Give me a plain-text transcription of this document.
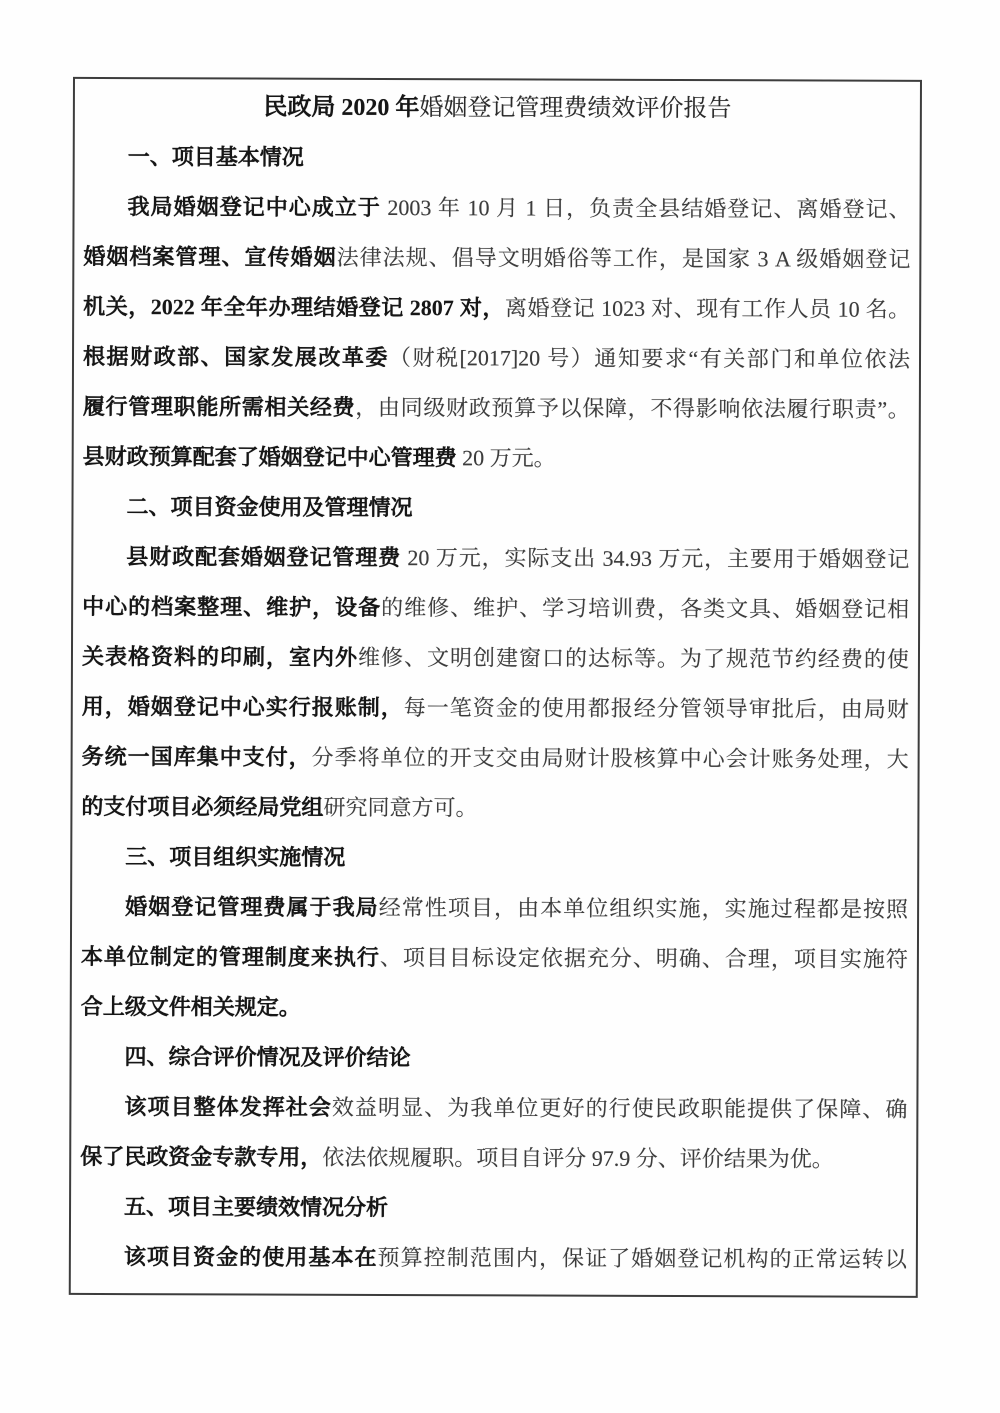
民政局 2020 年婚姻登记管理费绩效评价报告
一、项目基本情况
我局婚姻登记中心成立于 2003 年 10 月 1 日，负责全县结婚登记、离婚登记、
婚姻档案管理、宣传婚姻法律法规、倡导文明婚俗等工作，是国家 3 A 级婚姻登记
机关，2022 年全年办理结婚登记 2807 对，离婚登记 1023 对、现有工作人员 10 名。
根据财政部、国家发展改革委（财税[2017]20 号）通知要求“有关部门和单位依法
履行管理职能所需相关经费，由同级财政预算予以保障，不得影响依法履行职责”。
县财政预算配套了婚姻登记中心管理费 20 万元。
二、项目资金使用及管理情况
县财政配套婚姻登记管理费 20 万元，实际支出 34.93 万元，主要用于婚姻登记
中心的档案整理、维护，设备的维修、维护、学习培训费，各类文具、婚姻登记相
关表格资料的印刷，室内外维修、文明创建窗口的达标等。为了规范节约经费的使
用，婚姻登记中心实行报账制，每一笔资金的使用都报经分管领导审批后，由局财
务统一国库集中支付，分季将单位的开支交由局财计股核算中心会计账务处理，大
的支付项目必须经局党组研究同意方可。
三、项目组织实施情况
婚姻登记管理费属于我局经常性项目，由本单位组织实施，实施过程都是按照
本单位制定的管理制度来执行、项目目标设定依据充分、明确、合理，项目实施符
合上级文件相关规定。
四、综合评价情况及评价结论
该项目整体发挥社会效益明显、为我单位更好的行使民政职能提供了保障、确
保了民政资金专款专用，依法依规履职。项目自评分 97.9 分、评价结果为优。
五、项目主要绩效情况分析
该项目资金的使用基本在预算控制范围内，保证了婚姻登记机构的正常运转以
